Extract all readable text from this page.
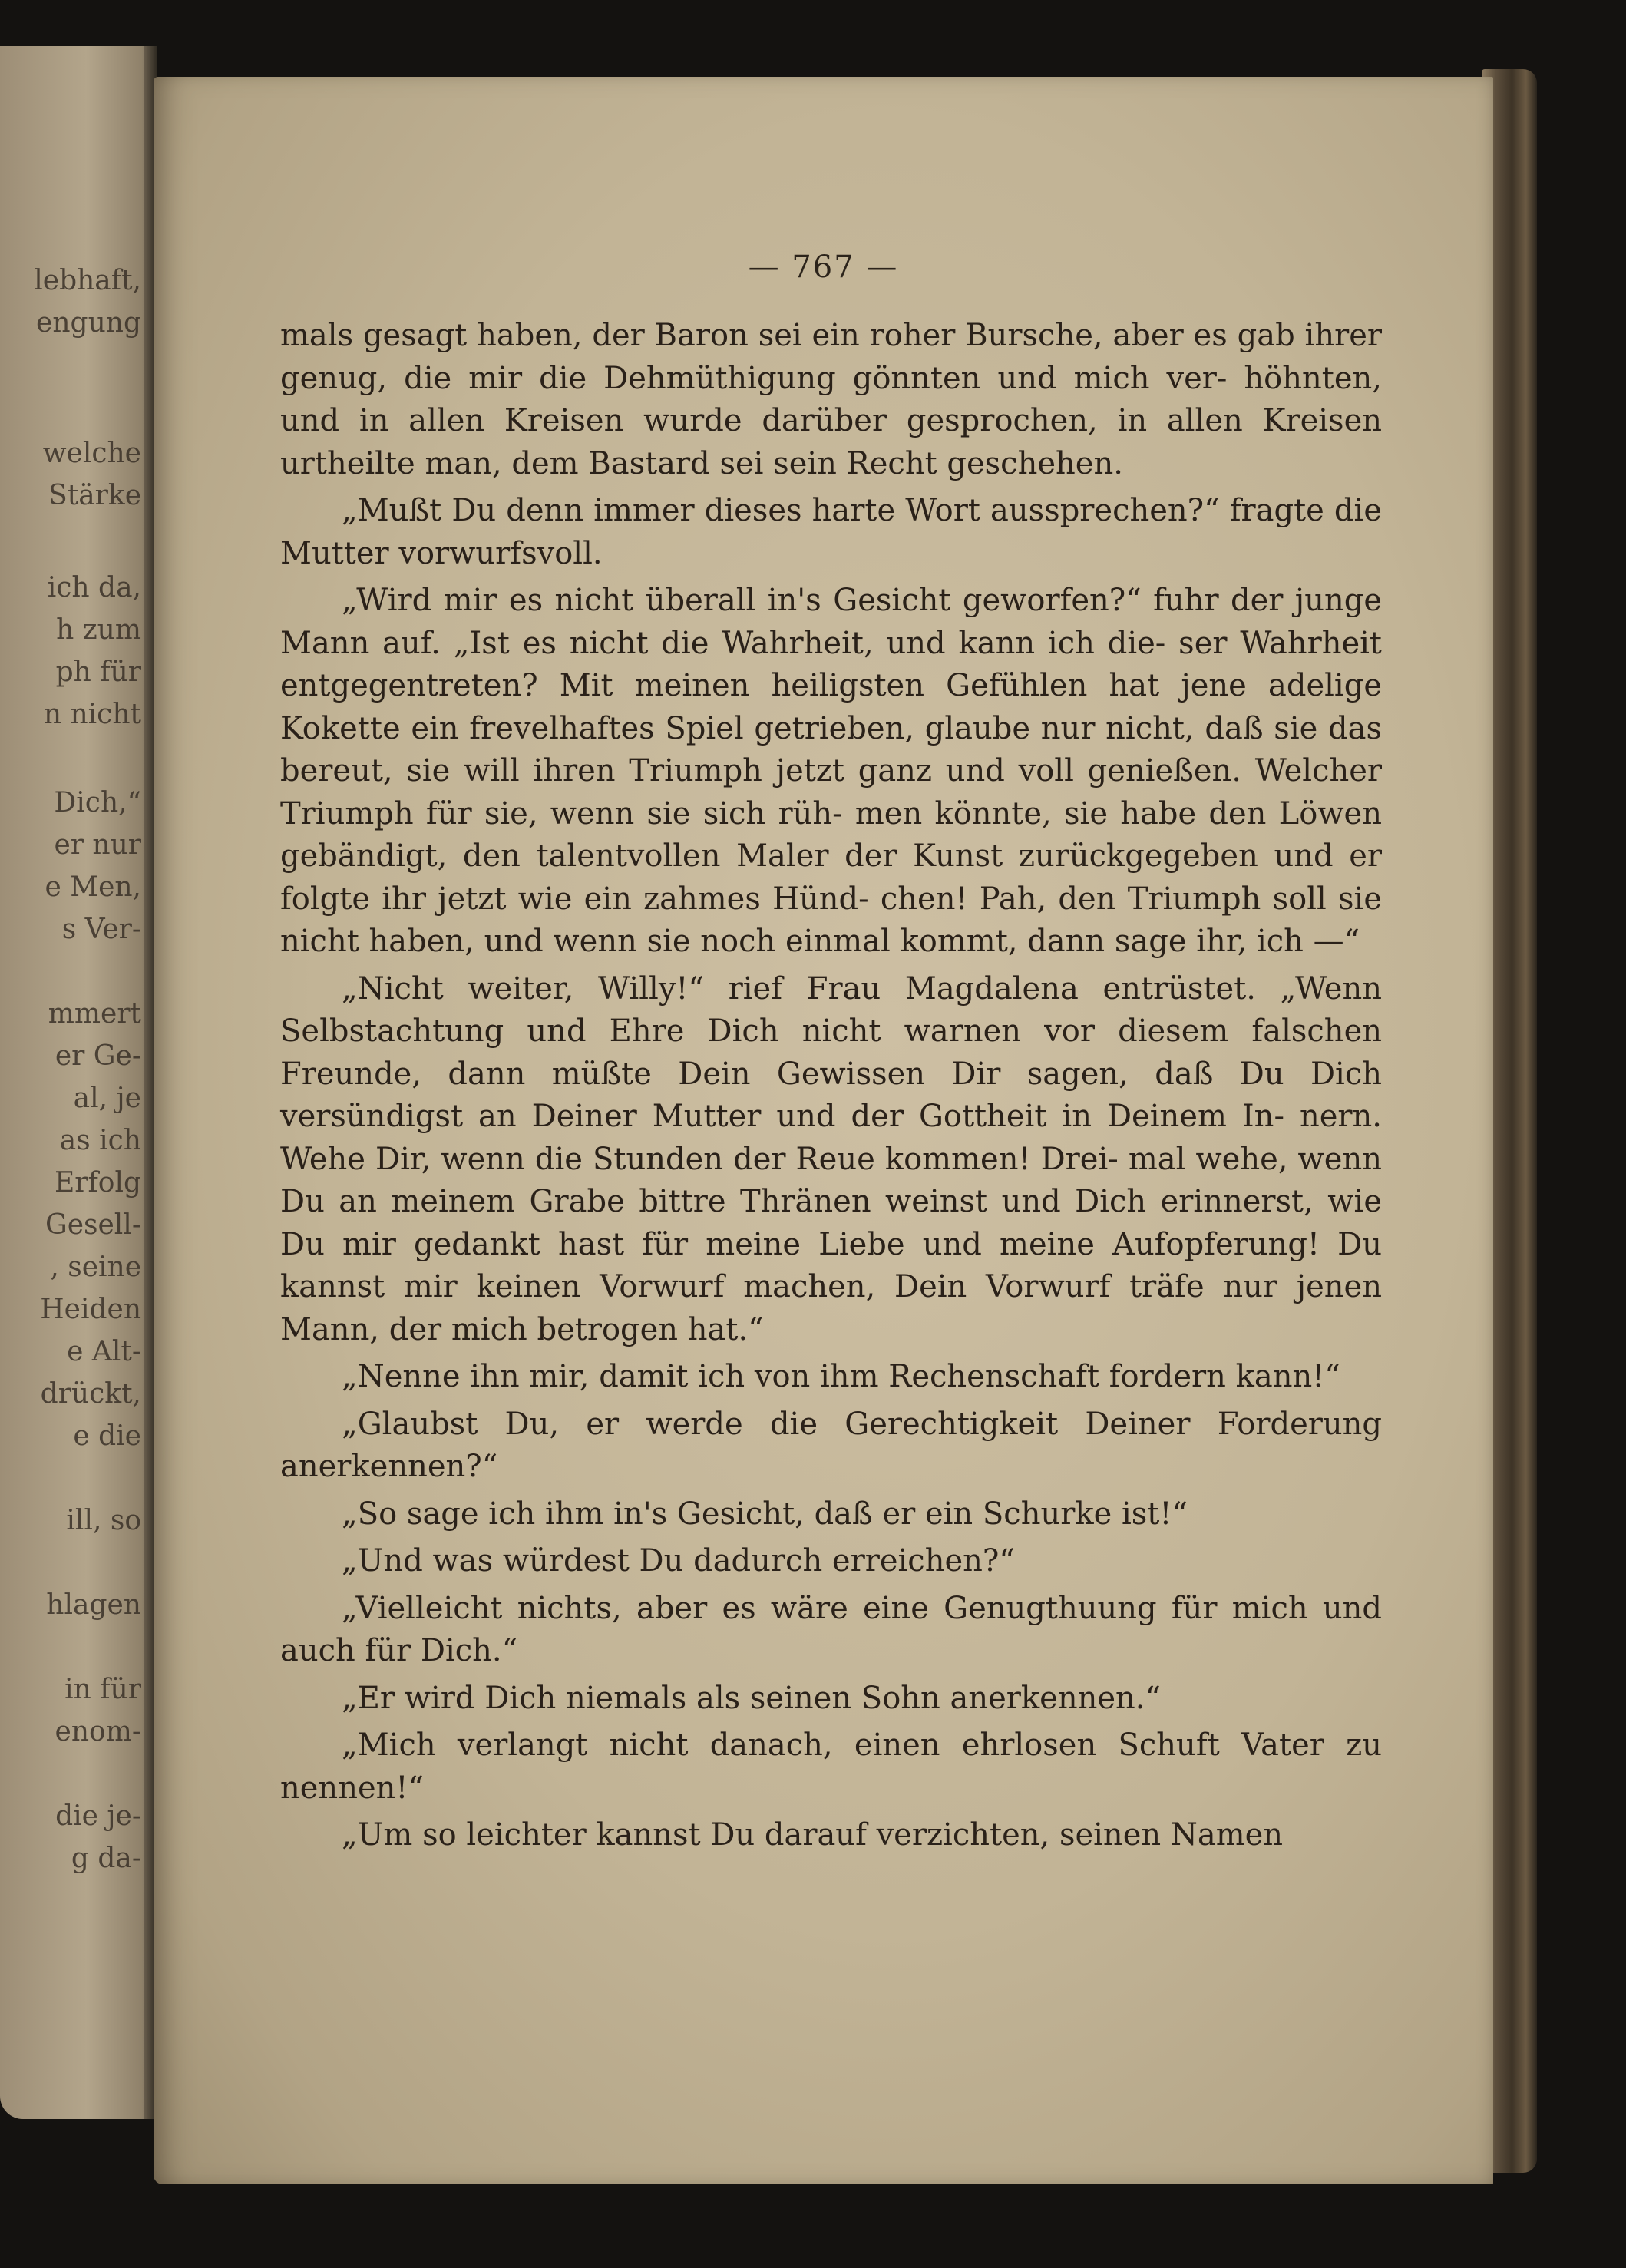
lebhaft,
engung
welche
Stärke
ich da,
h zum
ph für
n nicht
Dich,“
er nur
e Men,
s Ver-
mmert
er Ge-
al, je
as ich
Erfolg
Gesell-
, seine
Heiden
e Alt-
drückt,
e die
ill, so
hlagen
in für
enom-
die je-
g da-
— 767 —

mals gesagt haben, der Baron sei ein roher Bursche, aber es gab ihrer genug, die mir die Dehmüthigung gönnten und mich ver- höhnten, und in allen Kreisen wurde darüber gesprochen, in allen Kreisen urtheilte man, dem Bastard sei sein Recht geschehen.

„Mußt Du denn immer dieses harte Wort aussprechen?“ fragte die Mutter vorwurfsvoll.

„Wird mir es nicht überall in's Gesicht geworfen?“ fuhr der junge Mann auf. „Ist es nicht die Wahrheit, und kann ich die- ser Wahrheit entgegentreten? Mit meinen heiligsten Gefühlen hat jene adelige Kokette ein frevelhaftes Spiel getrieben, glaube nur nicht, daß sie das bereut, sie will ihren Triumph jetzt ganz und voll genießen. Welcher Triumph für sie, wenn sie sich rüh- men könnte, sie habe den Löwen gebändigt, den talentvollen Maler der Kunst zurückgegeben und er folgte ihr jetzt wie ein zahmes Hünd- chen! Pah, den Triumph soll sie nicht haben, und wenn sie noch einmal kommt, dann sage ihr, ich —“

„Nicht weiter, Willy!“ rief Frau Magdalena entrüstet. „Wenn Selbstachtung und Ehre Dich nicht warnen vor diesem falschen Freunde, dann müßte Dein Gewissen Dir sagen, daß Du Dich versündigst an Deiner Mutter und der Gottheit in Deinem In- nern. Wehe Dir, wenn die Stunden der Reue kommen! Drei- mal wehe, wenn Du an meinem Grabe bittre Thränen weinst und Dich erinnerst, wie Du mir gedankt hast für meine Liebe und meine Aufopferung! Du kannst mir keinen Vorwurf machen, Dein Vorwurf träfe nur jenen Mann, der mich betrogen hat.“

„Nenne ihn mir, damit ich von ihm Rechenschaft fordern kann!“

„Glaubst Du, er werde die Gerechtigkeit Deiner Forderung anerkennen?“

„So sage ich ihm in's Gesicht, daß er ein Schurke ist!“

„Und was würdest Du dadurch erreichen?“

„Vielleicht nichts, aber es wäre eine Genugthuung für mich und auch für Dich.“

„Er wird Dich niemals als seinen Sohn anerkennen.“

„Mich verlangt nicht danach, einen ehrlosen Schuft Vater zu nennen!“

„Um so leichter kannst Du darauf verzichten, seinen Namen
